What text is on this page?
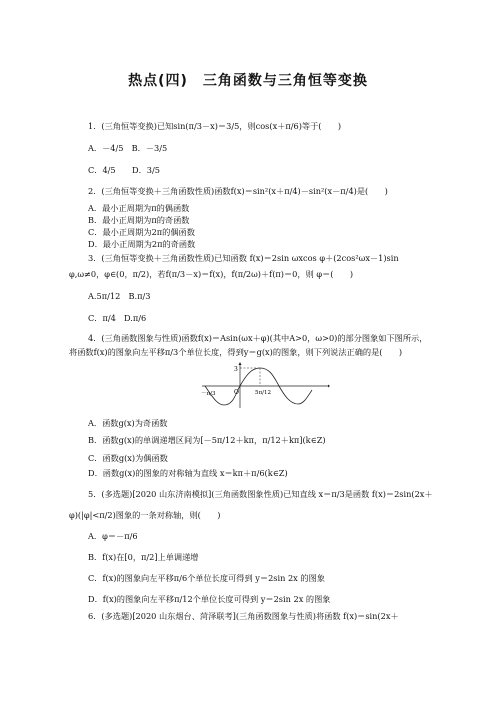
热点(四)　三角函数与三角恒等变换
1．(三角恒等变换)已知sin(π/3－x)＝3/5，则cos(x＋π/6)等于(　　)
A．－4/5　B．－3/5
C．4/5　　D．3/5
2．(三角恒等变换＋三角函数性质)函数f(x)＝sin²(x＋π/4)－sin²(x－π/4)是(　　)
A．最小正周期为π的偶函数
B．最小正周期为π的奇函数
C．最小正周期为2π的偶函数
D．最小正周期为2π的奇函数
3．(三角恒等变换＋三角函数性质)已知函数 f(x)＝2sin ωxcos φ＋(2cos²ωx－1)sin
φ,ω≠0，φ∈(0，π/2)，若f(π/3－x)＝f(x)，f(π/2ω)＋f(π)＝0，则 φ＝(　　)
A.5π/12　B.π/3
C．π/4　D.π/6
4．(三角函数图象与性质)函数f(x)＝Asin(ωx＋φ)(其中A>0，ω>0)的部分图象如下图所示，
将函数f(x)的图象向左平移π/3个单位长度，得到y＝g(x)的图象，则下列说法正确的是(　　)
3
－π/3	O	5π/12
A．函数g(x)为奇函数
B．函数g(x)的单调递增区间为[－5π/12＋kπ，π/12＋kπ](k∈Z)
C．函数g(x)为偶函数
D．函数g(x)的图象的对称轴为直线 x＝kπ＋π/6(k∈Z)
5．(多选题)[2020 山东济南模拟](三角函数图象性质)已知直线 x＝π/3是函数 f(x)＝2sin(2x＋
φ)(|φ|<π/2)图象的一条对称轴，则(　　)
A．φ＝－π/6
B．f(x)在[0，π/2]上单调递增
C．f(x)的图象向左平移π/6个单位长度可得到 y＝2sin 2x 的图象
D．f(x)的图象向左平移π/12个单位长度可得到 y＝2sin 2x 的图象
6．(多选题)[2020 山东烟台、菏泽联考](三角函数图象与性质)将函数 f(x)＝sin(2x＋
